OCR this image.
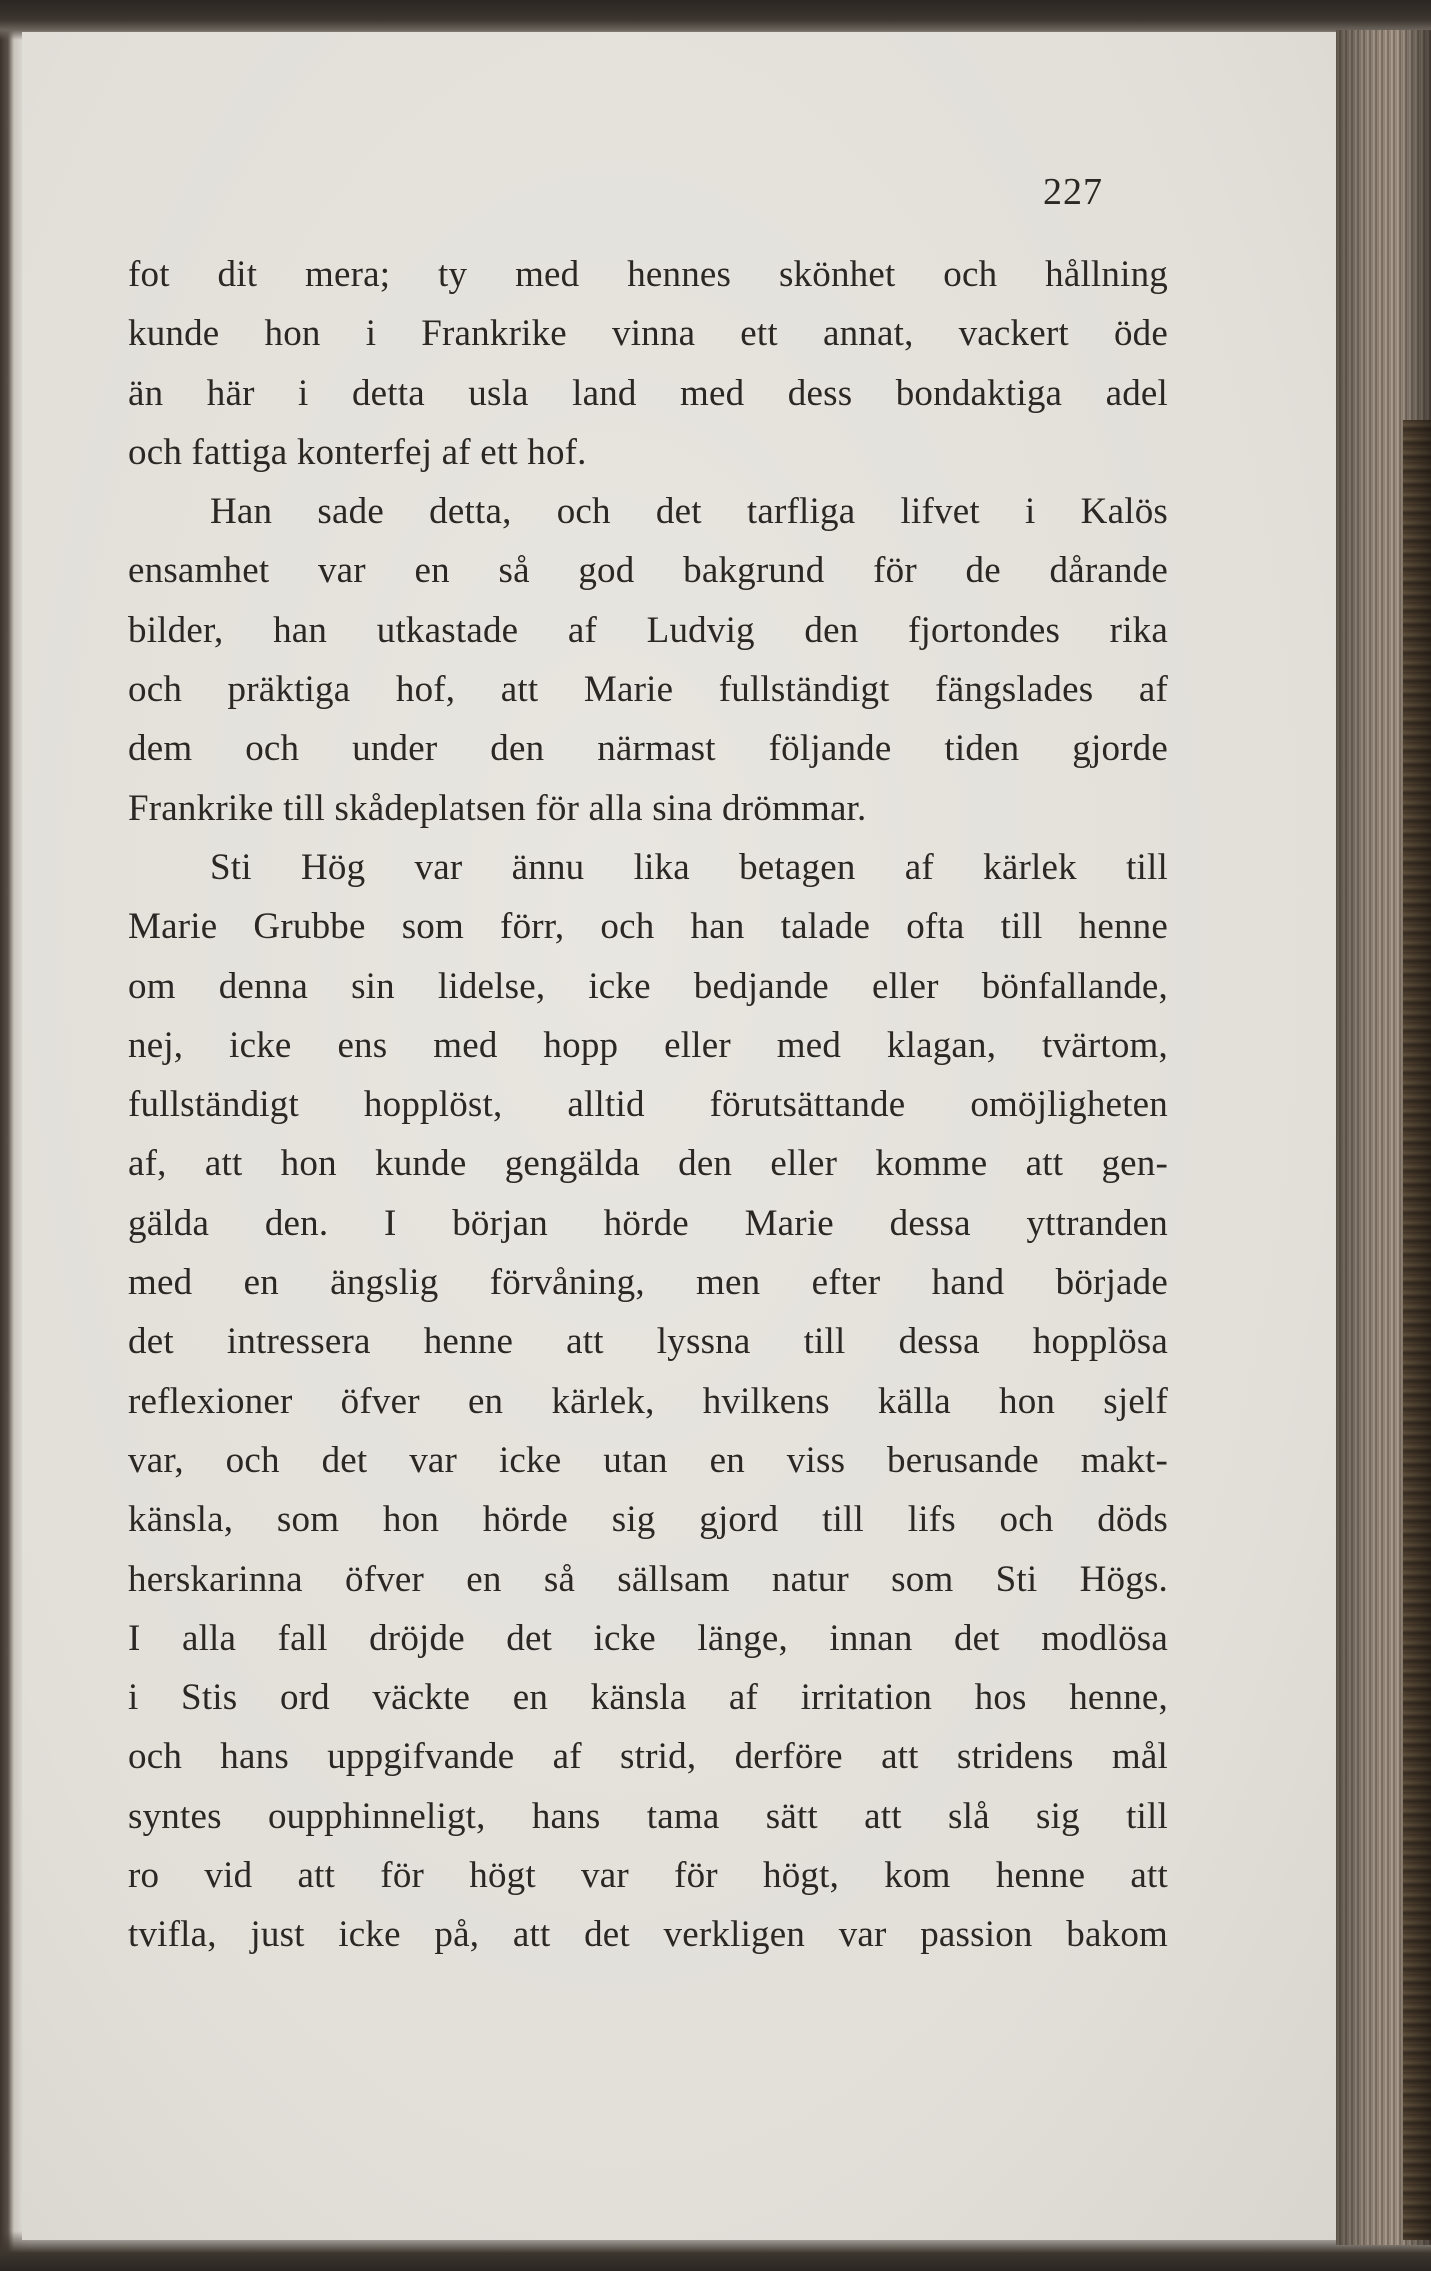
227
fot dit mera; ty med hennes skönhet och hållning
kunde hon i Frankrike vinna ett annat, vackert öde
än här i detta usla land med dess bondaktiga adel
och fattiga konterfej af ett hof.
Han sade detta, och det tarfliga lifvet i Kalös
ensamhet var en så god bakgrund för de dårande
bilder, han utkastade af Ludvig den fjortondes rika
och präktiga hof, att Marie fullständigt fängslades af
dem och under den närmast följande tiden gjorde
Frankrike till skådeplatsen för alla sina drömmar.
Sti Hög var ännu lika betagen af kärlek till
Marie Grubbe som förr, och han talade ofta till henne
om denna sin lidelse, icke bedjande eller bönfallande,
nej, icke ens med hopp eller med klagan, tvärtom,
fullständigt hopplöst, alltid förutsättande omöjligheten
af, att hon kunde gengälda den eller komme att gen-
gälda den. I början hörde Marie dessa yttranden
med en ängslig förvåning, men efter hand började
det intressera henne att lyssna till dessa hopplösa
reflexioner öfver en kärlek, hvilkens källa hon sjelf
var, och det var icke utan en viss berusande makt-
känsla, som hon hörde sig gjord till lifs och döds
herskarinna öfver en så sällsam natur som Sti Högs.
I alla fall dröjde det icke länge, innan det modlösa
i Stis ord väckte en känsla af irritation hos henne,
och hans uppgifvande af strid, derföre att stridens mål
syntes oupphinneligt, hans tama sätt att slå sig till
ro vid att för högt var för högt, kom henne att
tvifla, just icke på, att det verkligen var passion bakom
